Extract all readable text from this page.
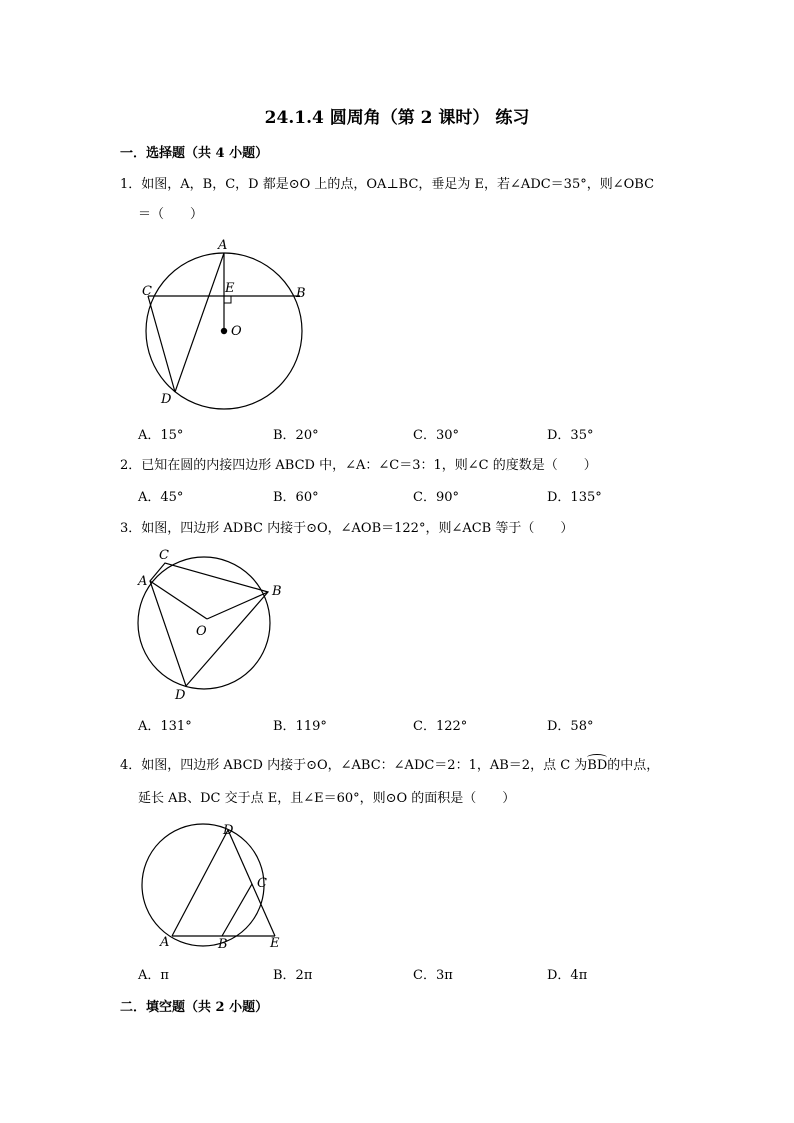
24.1.4 圆周角（第 2 课时） 练习
一．选择题（共 4 小题）
1．如图，A，B，C，D 都是⊙O 上的点，OA⊥BC，垂足为 E，若∠ADC＝35°，则∠OBC
＝（　　）
A
B
C
D
E
O
A．15°	B．20°	C．30°	D．35°
2．已知在圆的内接四边形 ABCD 中，∠A：∠C＝3：1，则∠C 的度数是（　　）
A．45°	B．60°	C．90°	D．135°
3．如图，四边形 ADBC 内接于⊙O，∠AOB＝122°，则∠ACB 等于（　　）
A
B
C
D
O
A．131°	B．119°	C．122°	D．58°
4．如图，四边形 ABCD 内接于⊙O，∠ABC：∠ADC＝2：1，AB＝2，点 C 为BD的中点，
延长 AB、DC 交于点 E，且∠E＝60°，则⊙O 的面积是（　　）
A	B
C
D
E
A．π	B．2π	C．3π	D．4π
二．填空题（共 2 小题）
